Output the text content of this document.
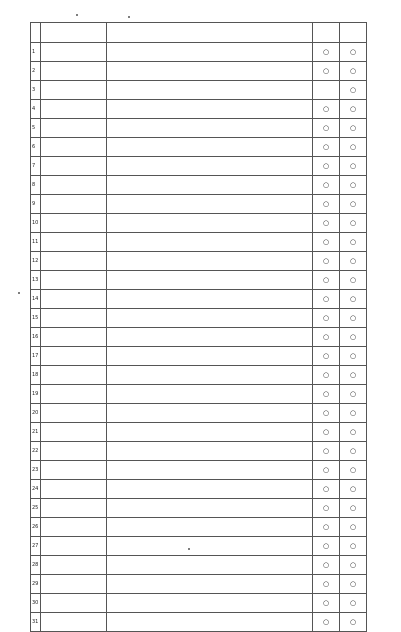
1			○	○
2			○	○
3				○
4			○	○
5			○	○
6			○	○
7			○	○
8			○	○
9			○	○
10			○	○
11			○	○
12			○	○
13			○	○
14			○	○
15			○	○
16			○	○
17			○	○
18			○	○
19			○	○
20			○	○
21			○	○
22			○	○
23			○	○
24			○	○
25			○	○
26			○	○
27			○	○
28			○	○
29			○	○
30			○	○
31			○	○
